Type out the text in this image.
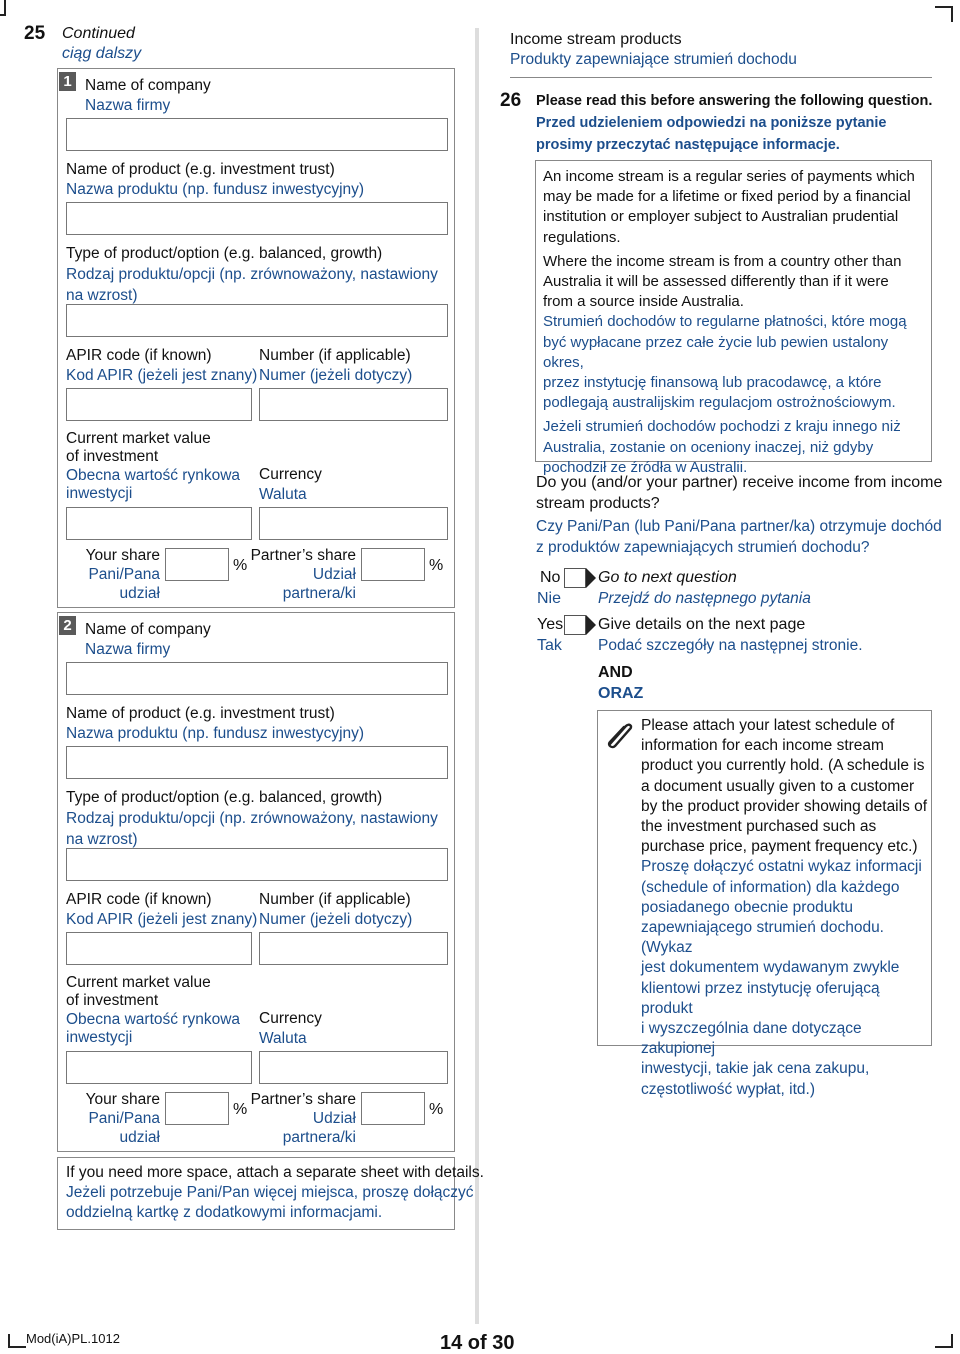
25 Continued
ciąg dalszy
1 Name of company
Nazwa firmy
Name of product (e.g. investment trust)
Nazwa produktu (np. fundusz inwestycyjny)
Type of product/option (e.g. balanced, growth)
Rodzaj produktu/opcji (np. zrównoważony, nastawiony na wzrost)
APIR code (if known)
Kod APIR (jeżeli jest znany)
Number (if applicable)
Numer (jeżeli dotyczy)
Current market value
of investment
Obecna wartość rynkowa
inwestycji
Currency
Waluta
Your share
Pani/Pana
udział
%
Partner’s share
Udział
partnera/ki
%
2 Name of company
Nazwa firmy
Name of product (e.g. investment trust)
Nazwa produktu (np. fundusz inwestycyjny)
Type of product/option (e.g. balanced, growth)
Rodzaj produktu/opcji (np. zrównoważony, nastawiony na wzrost)
APIR code (if known)
Kod APIR (jeżeli jest znany)
Number (if applicable)
Numer (jeżeli dotyczy)
Current market value
of investment
Obecna wartość rynkowa
inwestycji
Currency
Waluta
Your share
Pani/Pana
udział
%
Partner’s share
Udział
partnera/ki
%
If you need more space, attach a separate sheet with details.
Jeżeli potrzebuje Pani/Pan więcej miejsca, proszę dołączyć
oddzielną kartkę z dodatkowymi informacjami.
Income stream products
Produkty zapewniające strumień dochodu
26 Please read this before answering the following question.
Przed udzieleniem odpowiedzi na poniższe pytanie
prosimy przeczytać następujące informacje.
An income stream is a regular series of payments which
may be made for a lifetime or fixed period by a financial
institution or employer subject to Australian prudential
regulations.
Where the income stream is from a country other than
Australia it will be assessed differently than if it were
from a source inside Australia.
Strumień dochodów to regularne płatności, które mogą
być wypłacane przez całe życie lub pewien ustalony okres,
przez instytucję finansową lub pracodawcę, a które
podlegają australijskim regulacjom ostrożnościowym.
Jeżeli strumień dochodów pochodzi z kraju innego niż
Australia, zostanie on oceniony inaczej, niż gdyby
pochodził ze źródła w Australii.
Do you (and/or your partner) receive income from income
stream products?
Czy Pani/Pan (lub Pani/Pana partner/ka) otrzymuje dochód
z produktów zapewniających strumień dochodu?
No
Nie
Go to next question
Przejdź do następnego pytania
Yes
Tak
Give details on the next page
Podać szczegóły na następnej stronie.
AND
ORAZ
Please attach your latest schedule of
information for each income stream
product you currently hold. (A schedule is
a document usually given to a customer
by the product provider showing details of
the investment purchased such as
purchase price, payment frequency etc.)
Proszę dołączyć ostatni wykaz informacji
(schedule of information) dla każdego
posiadanego obecnie produktu
zapewniającego strumień dochodu. (Wykaz
jest dokumentem wydawanym zwykle
klientowi przez instytucję oferującą produkt
i wyszczególnia dane dotyczące zakupionej
inwestycji, takie jak cena zakupu,
częstotliwość wypłat, itd.)
Mod(iA)PL.1012	14 of 30
